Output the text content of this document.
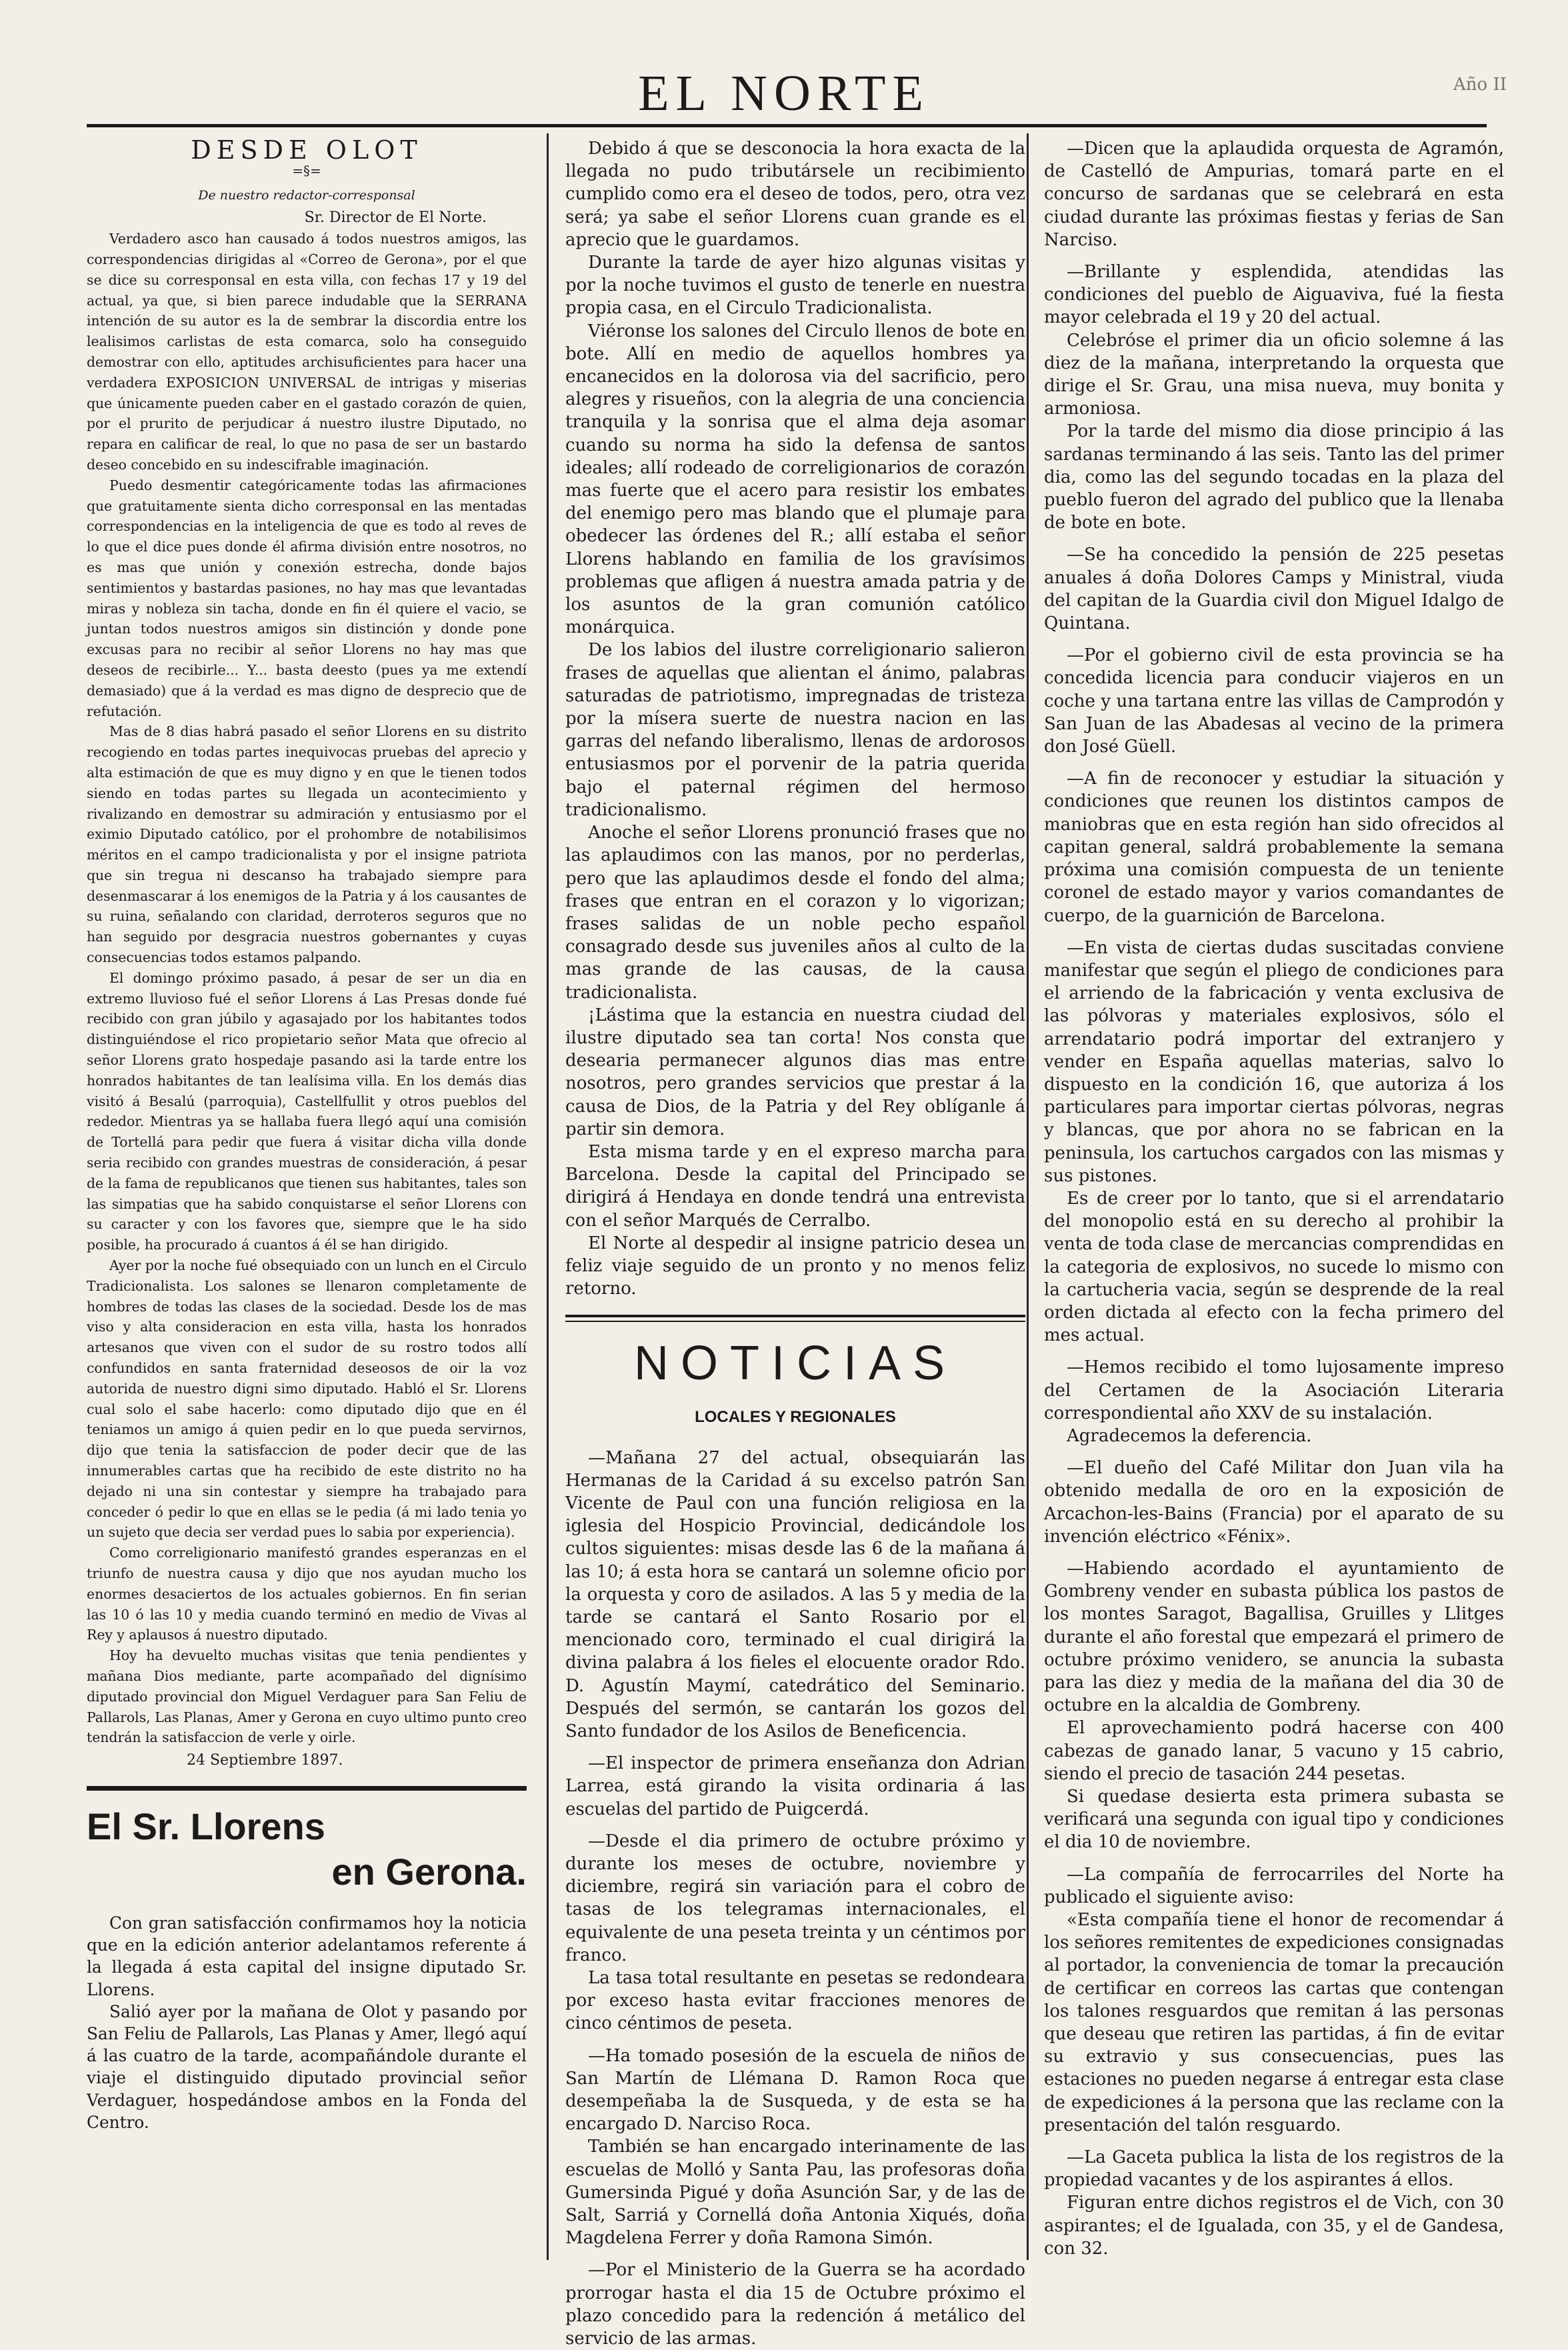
EL NORTE	Año II
DESDE OLOT
=§=
De nuestro redactor-corresponsal
Sr. Director de El Norte.

Verdadero asco han causado á todos nuestros amigos, las correspondencias dirigidas al «Correo de Gerona», por el que se dice su corresponsal en esta villa, con fechas 17 y 19 del actual, ya que, si bien parece indudable que la SERRANA intención de su autor es la de sembrar la discordia entre los lealisimos carlistas de esta comarca, solo ha conseguido demostrar con ello, aptitudes archisuficientes para hacer una verdadera EXPOSICION UNIVERSAL de intrigas y miserias que únicamente pueden caber en el gastado corazón de quien, por el prurito de perjudicar á nuestro ilustre Diputado, no repara en calificar de real, lo que no pasa de ser un bastardo deseo concebido en su indescifrable imaginación.

Puedo desmentir categóricamente todas las afirmaciones que gratuitamente sienta dicho corresponsal en las mentadas correspondencias en la inteligencia de que es todo al reves de lo que el dice pues donde él afirma división entre nosotros, no es mas que unión y conexión estrecha, donde bajos sentimientos y bastardas pasiones, no hay mas que levantadas miras y nobleza sin tacha, donde en fin él quiere el vacio, se juntan todos nuestros amigos sin distinción y donde pone excusas para no recibir al señor Llorens no hay mas que deseos de recibirle... Y... basta deesto (pues ya me extendí demasiado) que á la verdad es mas digno de desprecio que de refutación.

Mas de 8 dias habrá pasado el señor Llorens en su distrito recogiendo en todas partes inequivocas pruebas del aprecio y alta estimación de que es muy digno y en que le tienen todos siendo en todas partes su llegada un acontecimiento y rivalizando en demostrar su admiración y entusiasmo por el eximio Diputado católico, por el prohombre de notabilisimos méritos en el campo tradicionalista y por el insigne patriota que sin tregua ni descanso ha trabajado siempre para desenmascarar á los enemigos de la Patria y á los causantes de su ruina, señalando con claridad, derroteros seguros que no han seguido por desgracia nuestros gobernantes y cuyas consecuencias todos estamos palpando.

El domingo próximo pasado, á pesar de ser un dia en extremo lluvioso fué el señor Llorens á Las Presas donde fué recibido con gran júbilo y agasajado por los habitantes todos distinguiéndose el rico propietario señor Mata que ofrecio al señor Llorens grato hospedaje pasando asi la tarde entre los honrados habitantes de tan lealísima villa. En los demás dias visitó á Besalú (parroquia), Castellfullit y otros pueblos del rededor. Mientras ya se hallaba fuera llegó aquí una comisión de Tortellá para pedir que fuera á visitar dicha villa donde seria recibido con grandes muestras de consideración, á pesar de la fama de republicanos que tienen sus habitantes, tales son las simpatias que ha sabido conquistarse el señor Llorens con su caracter y con los favores que, siempre que le ha sido posible, ha procurado á cuantos á él se han dirigido.

Ayer por la noche fué obsequiado con un lunch en el Circulo Tradicionalista. Los salones se llenaron completamente de hombres de todas las clases de la sociedad. Desde los de mas viso y alta consideracion en esta villa, hasta los honrados artesanos que viven con el sudor de su rostro todos allí confundidos en santa fraternidad deseosos de oir la voz autorida de nuestro digni simo diputado. Habló el Sr. Llorens cual solo el sabe hacerlo: como diputado dijo que en él teniamos un amigo á quien pedir en lo que pueda servirnos, dijo que tenia la satisfaccion de poder decir que de las innumerables cartas que ha recibido de este distrito no ha dejado ni una sin contestar y siempre ha trabajado para conceder ó pedir lo que en ellas se le pedia (á mi lado tenia yo un sujeto que decia ser verdad pues lo sabia por experiencia).

Como correligionario manifestó grandes esperanzas en el triunfo de nuestra causa y dijo que nos ayudan mucho los enormes desaciertos de los actuales gobiernos. En fin serian las 10 ó las 10 y media cuando terminó en medio de Vivas al Rey y aplausos á nuestro diputado.

Hoy ha devuelto muchas visitas que tenia pendientes y mañana Dios mediante, parte acompañado del dignísimo diputado provincial don Miguel Verdaguer para San Feliu de Pallarols, Las Planas, Amer y Gerona en cuyo ultimo punto creo tendrán la satisfaccion de verle y oirle.

24 Septiembre 1897.
El Sr. Llorens
en Gerona.

Con gran satisfacción confirmamos hoy la noticia que en la edición anterior adelantamos referente á la llegada á esta capital del insigne diputado Sr. Llorens.

Salió ayer por la mañana de Olot y pasando por San Feliu de Pallarols, Las Planas y Amer, llegó aquí á las cuatro de la tarde, acompañándole durante el viaje el distinguido diputado provincial señor Verdaguer, hospedándose ambos en la Fonda del Centro.

Debido á que se desconocia la hora exacta de la llegada no pudo tributársele un recibimiento cumplido como era el deseo de todos, pero, otra vez será; ya sabe el señor Llorens cuan grande es el aprecio que le guardamos.

Durante la tarde de ayer hizo algunas visitas y por la noche tuvimos el gusto de tenerle en nuestra propia casa, en el Circulo Tradicionalista.

Viéronse los salones del Circulo llenos de bote en bote. Allí en medio de aquellos hombres ya encanecidos en la dolorosa via del sacrificio, pero alegres y risueños, con la alegria de una conciencia tranquila y la sonrisa que el alma deja asomar cuando su norma ha sido la defensa de santos ideales; allí rodeado de correligionarios de corazón mas fuerte que el acero para resistir los embates del enemigo pero mas blando que el plumaje para obedecer las órdenes del R.; allí estaba el señor Llorens hablando en familia de los gravísimos problemas que afligen á nuestra amada patria y de los asuntos de la gran comunión católico monárquica.

De los labios del ilustre correligionario salieron frases de aquellas que alientan el ánimo, palabras saturadas de patriotismo, impregnadas de tristeza por la mísera suerte de nuestra nacion en las garras del nefando liberalismo, llenas de ardorosos entusiasmos por el porvenir de la patria querida bajo el paternal régimen del hermoso tradicionalismo.

Anoche el señor Llorens pronunció frases que no las aplaudimos con las manos, por no perderlas, pero que las aplaudimos desde el fondo del alma; frases que entran en el corazon y lo vigorizan; frases salidas de un noble pecho español consagrado desde sus juveniles años al culto de la mas grande de las causas, de la causa tradicionalista.

¡Lástima que la estancia en nuestra ciudad del ilustre diputado sea tan corta! Nos consta que desearia permanecer algunos dias mas entre nosotros, pero grandes servicios que prestar á la causa de Dios, de la Patria y del Rey oblíganle á partir sin demora.

Esta misma tarde y en el expreso marcha para Barcelona. Desde la capital del Principado se dirigirá á Hendaya en donde tendrá una entrevista con el señor Marqués de Cerralbo.

El Norte al despedir al insigne patricio desea un feliz viaje seguido de un pronto y no menos feliz retorno.

NOTICIAS
LOCALES Y REGIONALES

—Mañana 27 del actual, obsequiarán las Hermanas de la Caridad á su excelso patrón San Vicente de Paul con una función religiosa en la iglesia del Hospicio Provincial, dedicándole los cultos siguientes: misas desde las 6 de la mañana á las 10; á esta hora se cantará un solemne oficio por la orquesta y coro de asilados. A las 5 y media de la tarde se cantará el Santo Rosario por el mencionado coro, terminado el cual dirigirá la divina palabra á los fieles el elocuente orador Rdo. D. Agustín Maymí, catedrático del Seminario. Después del sermón, se cantarán los gozos del Santo fundador de los Asilos de Beneficencia.

—El inspector de primera enseñanza don Adrian Larrea, está girando la visita ordinaria á las escuelas del partido de Puigcerdá.

—Desde el dia primero de octubre próximo y durante los meses de octubre, noviembre y diciembre, regirá sin variación para el cobro de tasas de los telegramas internacionales, el equivalente de una peseta treinta y un céntimos por franco.

La tasa total resultante en pesetas se redondeara por exceso hasta evitar fracciones menores de cinco céntimos de peseta.

—Ha tomado posesión de la escuela de niños de San Martín de Llémana D. Ramon Roca que desempeñaba la de Susqueda, y de esta se ha encargado D. Narciso Roca.

También se han encargado interinamente de las escuelas de Molló y Santa Pau, las profesoras doña Gumersinda Pigué y doña Asunción Sar, y de las de Salt, Sarriá y Cornellá doña Antonia Xiqués, doña Magdelena Ferrer y doña Ramona Simón.

—Por el Ministerio de la Guerra se ha acordado prorrogar hasta el dia 15 de Octubre próximo el plazo concedido para la redención á metálico del servicio de las armas.

—Dicen que la aplaudida orquesta de Agramón, de Castelló de Ampurias, tomará parte en el concurso de sardanas que se celebrará en esta ciudad durante las próximas fiestas y ferias de San Narciso.

—Brillante y esplendida, atendidas las condiciones del pueblo de Aiguaviva, fué la fiesta mayor celebrada el 19 y 20 del actual.

Celebróse el primer dia un oficio solemne á las diez de la mañana, interpretando la orquesta que dirige el Sr. Grau, una misa nueva, muy bonita y armoniosa.

Por la tarde del mismo dia diose principio á las sardanas terminando á las seis. Tanto las del primer dia, como las del segundo tocadas en la plaza del pueblo fueron del agrado del publico que la llenaba de bote en bote.

—Se ha concedido la pensión de 225 pesetas anuales á doña Dolores Camps y Ministral, viuda del capitan de la Guardia civil don Miguel Idalgo de Quintana.

—Por el gobierno civil de esta provincia se ha concedida licencia para conducir viajeros en un coche y una tartana entre las villas de Camprodón y San Juan de las Abadesas al vecino de la primera don José Güell.

—A fin de reconocer y estudiar la situación y condiciones que reunen los distintos campos de maniobras que en esta región han sido ofrecidos al capitan general, saldrá probablemente la semana próxima una comisión compuesta de un teniente coronel de estado mayor y varios comandantes de cuerpo, de la guarnición de Barcelona.

—En vista de ciertas dudas suscitadas conviene manifestar que según el pliego de condiciones para el arriendo de la fabricación y venta exclusiva de las pólvoras y materiales explosivos, sólo el arrendatario podrá importar del extranjero y vender en España aquellas materias, salvo lo dispuesto en la condición 16, que autoriza á los particulares para importar ciertas pólvoras, negras y blancas, que por ahora no se fabrican en la peninsula, los cartuchos cargados con las mismas y sus pistones.

Es de creer por lo tanto, que si el arrendatario del monopolio está en su derecho al prohibir la venta de toda clase de mercancias comprendidas en la categoria de explosivos, no sucede lo mismo con la cartucheria vacia, según se desprende de la real orden dictada al efecto con la fecha primero del mes actual.

—Hemos recibido el tomo lujosamente impreso del Certamen de la Asociación Literaria correspondiental año XXV de su instalación.

Agradecemos la deferencia.

—El dueño del Café Militar don Juan vila ha obtenido medalla de oro en la exposición de Arcachon-les-Bains (Francia) por el aparato de su invención eléctrico «Fénix».

—Habiendo acordado el ayuntamiento de Gombreny vender en subasta pública los pastos de los montes Saragot, Bagallisa, Gruilles y Llitges durante el año forestal que empezará el primero de octubre próximo venidero, se anuncia la subasta para las diez y media de la mañana del dia 30 de octubre en la alcaldia de Gombreny.

El aprovechamiento podrá hacerse con 400 cabezas de ganado lanar, 5 vacuno y 15 cabrio, siendo el precio de tasación 244 pesetas.

Si quedase desierta esta primera subasta se verificará una segunda con igual tipo y condiciones el dia 10 de noviembre.

—La compañía de ferrocarriles del Norte ha publicado el siguiente aviso:

«Esta compañía tiene el honor de recomendar á los señores remitentes de expediciones consignadas al portador, la conveniencia de tomar la precaución de certificar en correos las cartas que contengan los talones resguardos que remitan á las personas que deseau que retiren las partidas, á fin de evitar su extravio y sus consecuencias, pues las estaciones no pueden negarse á entregar esta clase de expediciones á la persona que las reclame con la presentación del talón resguardo.

—La Gaceta publica la lista de los registros de la propiedad vacantes y de los aspirantes á ellos.

Figuran entre dichos registros el de Vich, con 30 aspirantes; el de Igualada, con 35, y el de Gandesa, con 32.
